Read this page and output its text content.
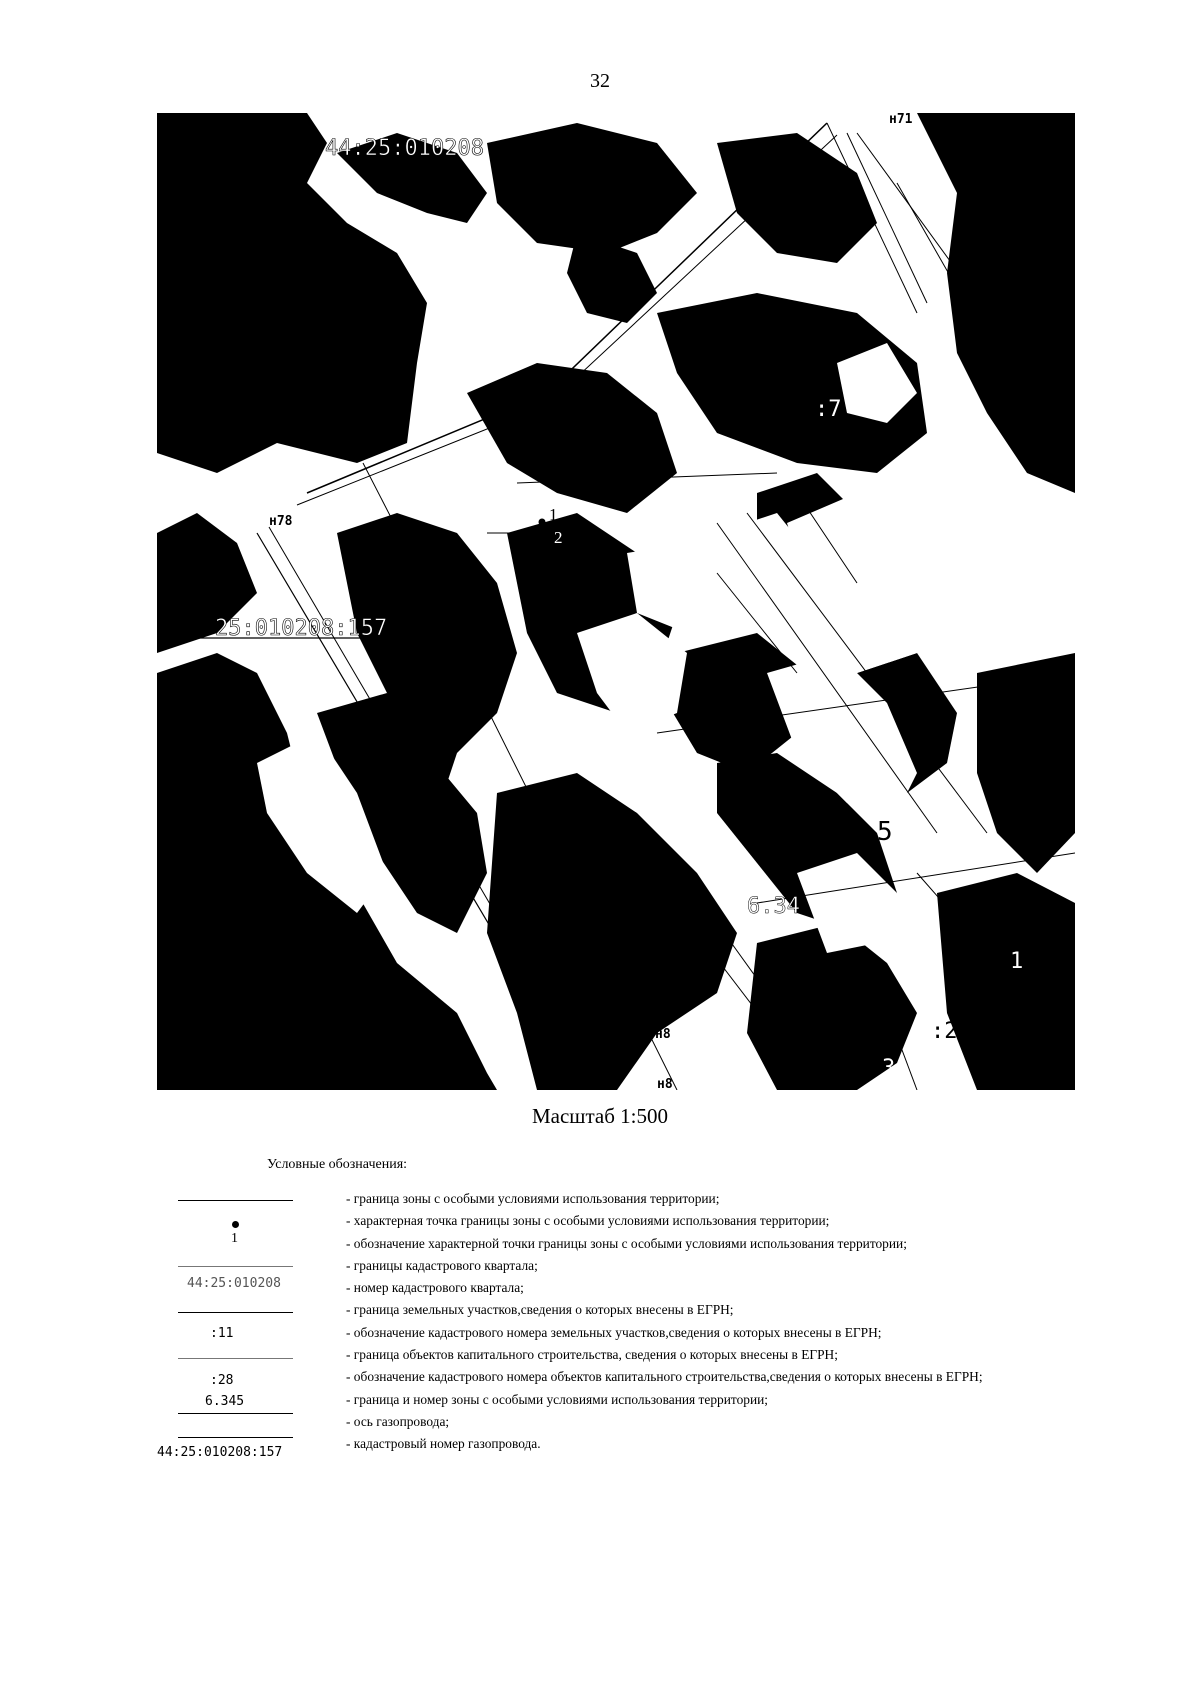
32
44:25:010208
н71
н78
25:010208:157
н79
н8
н8
1
2
:7
:11
:4
5
6.34
:28	18
1
4
3
Масштаб 1:500
Условные обозначения:
1
44:25:010208
:11
:28
6.345
44:25:010208:157
- граница зоны с особыми условиями использования территории;
- характерная точка границы зоны с особыми условиями использования территории;
- обозначение характерной точки границы зоны с особыми условиями использования территории;
- границы кадастрового квартала;
- номер кадастрового квартала;
- граница земельных участков,сведения о которых внесены в ЕГРН;
- обозначение кадастрового номера земельных участков,сведения о которых внесены в ЕГРН;
- граница объектов капитального строительства, сведения о которых внесены в ЕГРН;
- обозначение кадастрового номера объектов капитального строительства,сведения о которых внесены в ЕГРН;
- граница и номер зоны с особыми условиями использования территории;
- ось газопровода;
- кадастровый номер газопровода.
